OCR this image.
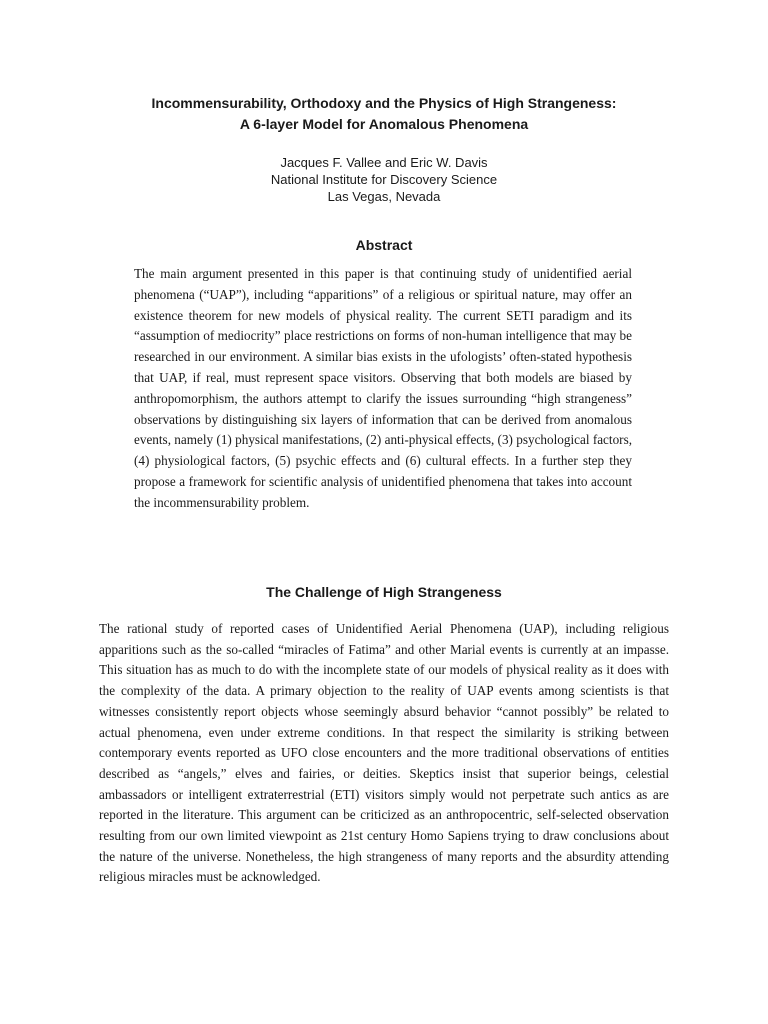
Incommensurability, Orthodoxy and the Physics of High Strangeness:
A 6-layer Model for Anomalous Phenomena
Jacques F. Vallee and Eric W. Davis
National Institute for Discovery Science
Las Vegas, Nevada
Abstract

The main argument presented in this paper is that continuing study of unidentified aerial phenomena (“UAP”), including “apparitions” of a religious or spiritual nature, may offer an existence theorem for new models of physical reality. The current SETI paradigm and its “assumption of mediocrity” place restrictions on forms of non-human intelligence that may be researched in our environment. A similar bias exists in the ufologists’ often-stated hypothesis that UAP, if real, must represent space visitors. Observing that both models are biased by anthropomorphism, the authors attempt to clarify the issues surrounding “high strangeness” observations by distinguishing six layers of information that can be derived from anomalous events, namely (1) physical manifestations, (2) anti-physical effects, (3) psychological factors, (4) physiological factors, (5) psychic effects and (6) cultural effects. In a further step they propose a framework for scientific analysis of unidentified phenomena that takes into account the incommensurability problem.

The Challenge of High Strangeness

The rational study of reported cases of Unidentified Aerial Phenomena (UAP), including religious apparitions such as the so-called “miracles of Fatima” and other Marial events is currently at an impasse. This situation has as much to do with the incomplete state of our models of physical reality as it does with the complexity of the data. A primary objection to the reality of UAP events among scientists is that witnesses consistently report objects whose seemingly absurd behavior “cannot possibly” be related to actual phenomena, even under extreme conditions. In that respect the similarity is striking between contemporary events reported as UFO close encounters and the more traditional observations of entities described as “angels,” elves and fairies, or deities. Skeptics insist that superior beings, celestial ambassadors or intelligent extraterrestrial (ETI) visitors simply would not perpetrate such antics as are reported in the literature. This argument can be criticized as an anthropocentric, self-selected observation resulting from our own limited viewpoint as 21st century Homo Sapiens trying to draw conclusions about the nature of the universe. Nonetheless, the high strangeness of many reports and the absurdity attending religious miracles must be acknowledged.
